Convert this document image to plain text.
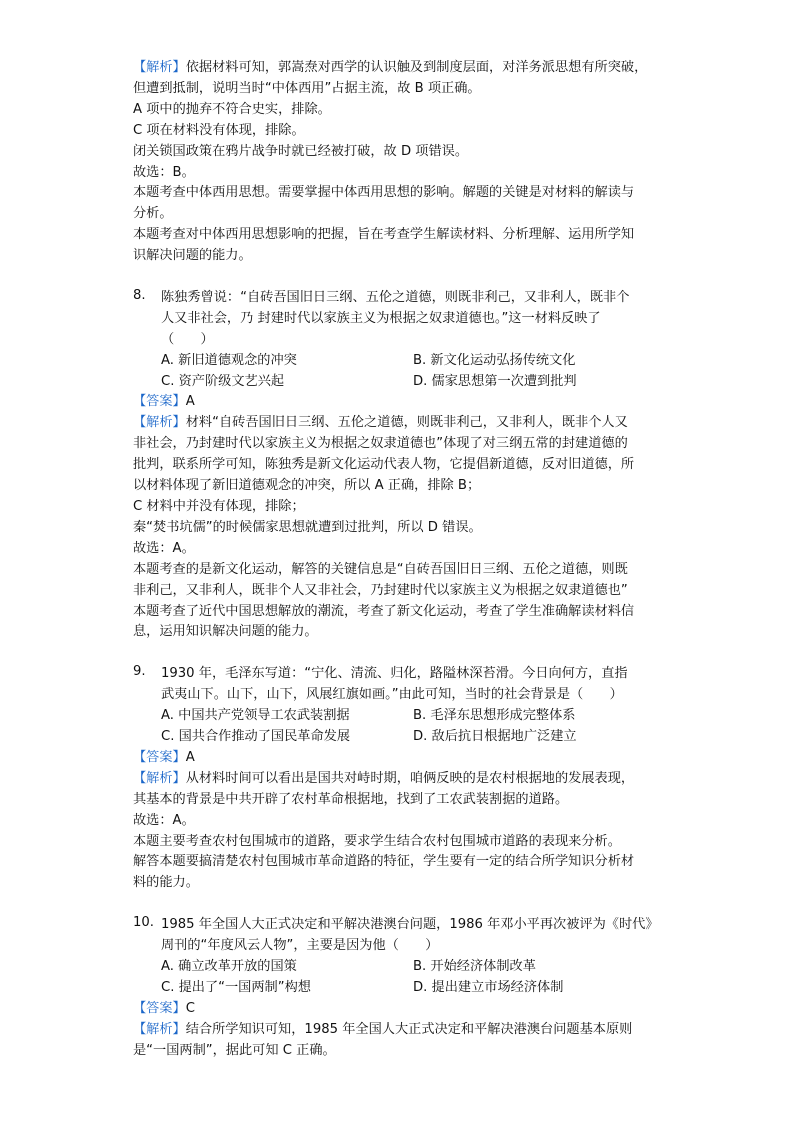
【解析】依据材料可知，郭嵩焘对西学的认识触及到制度层面，对洋务派思想有所突破，
但遭到抵制，说明当时“中体西用”占据主流，故 B 项正确。
A 项中的抛弃不符合史实，排除。
C 项在材料没有体现，排除。
闭关锁国政策在鸦片战争时就已经被打破，故 D 项错误。
故选：B。
本题考查中体西用思想。需要掌握中体西用思想的影响。解题的关键是对材料的解读与
分析。
本题考查对中体西用思想影响的把握，旨在考查学生解读材料、分析理解、运用所学知
识解决问题的能力。
8. 陈独秀曾说：“自砖吾国旧日三纲、五伦之道德，则既非利己，又非利人，既非个
人又非社会，乃 封建时代以家族主义为根据之奴隶道德也。”这一材料反映了
（　　）
A. 新旧道德观念的冲突	B. 新文化运动弘扬传统文化
C. 资产阶级文艺兴起	D. 儒家思想第一次遭到批判
【答案】A
【解析】材料“自砖吾国旧日三纲、五伦之道德，则既非利己，又非利人，既非个人又
非社会，乃封建时代以家族主义为根据之奴隶道德也”体现了对三纲五常的封建道德的
批判，联系所学可知，陈独秀是新文化运动代表人物，它提倡新道德，反对旧道德，所
以材料体现了新旧道德观念的冲突，所以 A 正确，排除 B；
C 材料中并没有体现，排除；
秦“焚书坑儒”的时候儒家思想就遭到过批判，所以 D 错误。
故选：A。
本题考查的是新文化运动，解答的关键信息是“自砖吾国旧日三纲、五伦之道德，则既
非利己，又非利人，既非个人又非社会，乃封建时代以家族主义为根据之奴隶道德也”
本题考查了近代中国思想解放的潮流，考查了新文化运动，考查了学生准确解读材料信
息，运用知识解决问题的能力。
9. 1930 年，毛泽东写道：“宁化、清流、归化，路隘林深苔滑。今日向何方，直指
武夷山下。山下，山下，风展红旗如画。”由此可知，当时的社会背景是（　　）
A. 中国共产党领导工农武装割据	B. 毛泽东思想形成完整体系
C. 国共合作推动了国民革命发展	D. 敌后抗日根据地广泛建立
【答案】A
【解析】从材料时间可以看出是国共对峙时期，咱俩反映的是农村根据地的发展表现，
其基本的背景是中共开辟了农村革命根据地，找到了工农武装割据的道路。
故选：A。
本题主要考查农村包围城市的道路，要求学生结合农村包围城市道路的表现来分析。
解答本题要搞清楚农村包围城市革命道路的特征，学生要有一定的结合所学知识分析材
料的能力。
10. 1985 年全国人大正式决定和平解决港澳台问题，1986 年邓小平再次被评为《时代》
周刊的“年度风云人物”，主要是因为他（　　）
A. 确立改革开放的国策	B. 开始经济体制改革
C. 提出了“一国两制”构想	D. 提出建立市场经济体制
【答案】C
【解析】结合所学知识可知，1985 年全国人大正式决定和平解决港澳台问题基本原则
是“一国两制”，据此可知 C 正确。
